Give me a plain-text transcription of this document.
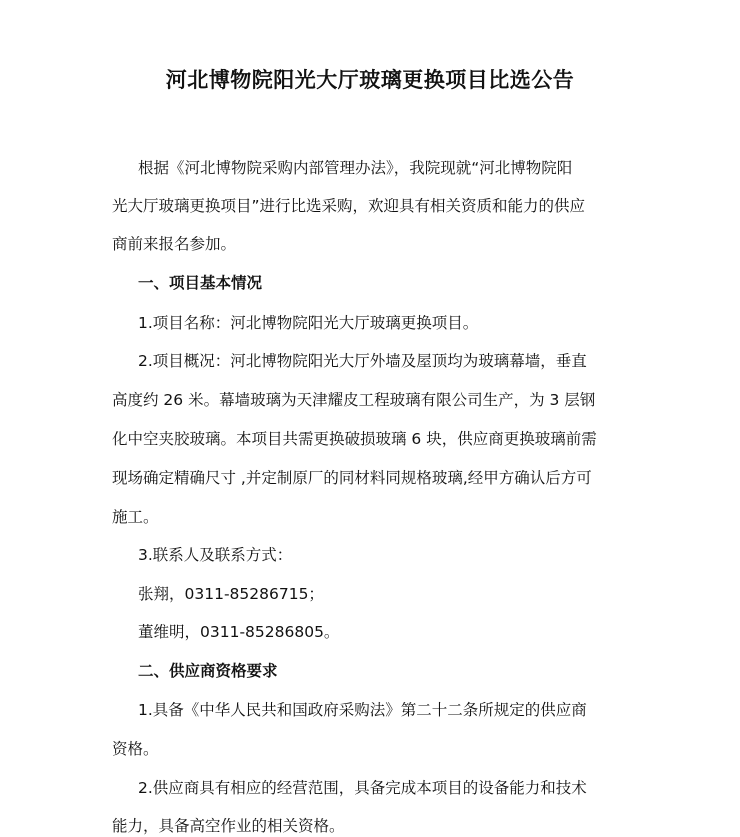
河北博物院阳光大厅玻璃更换项目比选公告
根据《河北博物院采购内部管理办法》，我院现就“河北博物院阳
光大厅玻璃更换项目”进行比选采购，欢迎具有相关资质和能力的供应
商前来报名参加。
一、项目基本情况
1.项目名称：河北博物院阳光大厅玻璃更换项目。
2.项目概况：河北博物院阳光大厅外墙及屋顶均为玻璃幕墙，垂直
高度约 26 米。幕墙玻璃为天津耀皮工程玻璃有限公司生产，为 3 层钢
化中空夹胶玻璃。本项目共需更换破损玻璃 6 块，供应商更换玻璃前需
现场确定精确尺寸 ,并定制原厂的同材料同规格玻璃,经甲方确认后方可
施工。
3.联系人及联系方式：
张翔，0311-85286715；
董维明，0311-85286805。
二、供应商资格要求
1.具备《中华人民共和国政府采购法》第二十二条所规定的供应商
资格。
2.供应商具有相应的经营范围，具备完成本项目的设备能力和技术
能力，具备高空作业的相关资格。
